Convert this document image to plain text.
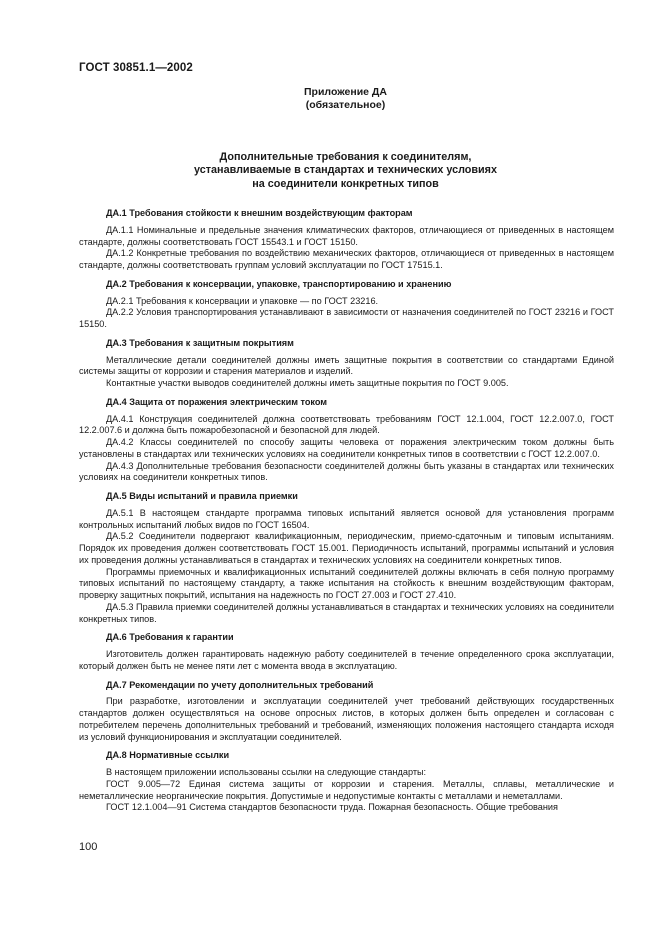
ГОСТ 30851.1—2002
Приложение ДА
(обязательное)
Дополнительные требования к соединителям,
устанавливаемые в стандартах и технических условиях
на соединители конкретных типов

ДА.1 Требования стойкости к внешним воздействующим факторам

ДА.1.1 Номинальные и предельные значения климатических факторов, отличающиеся от приведенных в настоящем стандарте, должны соответствовать ГОСТ 15543.1 и ГОСТ 15150.

ДА.1.2 Конкретные требования по воздействию механических факторов, отличающиеся от приведенных в настоящем стандарте, должны соответствовать группам условий эксплуатации по ГОСТ 17515.1.

ДА.2 Требования к консервации, упаковке, транспортированию и хранению

ДА.2.1 Требования к консервации и упаковке — по ГОСТ 23216.

ДА.2.2 Условия транспортирования устанавливают в зависимости от назначения соединителей по ГОСТ 23216 и ГОСТ 15150.

ДА.3 Требования к защитным покрытиям

Металлические детали соединителей должны иметь защитные покрытия в соответствии со стандартами Единой системы защиты от коррозии и старения материалов и изделий.

Контактные участки выводов соединителей должны иметь защитные покрытия по ГОСТ 9.005.

ДА.4 Защита от поражения электрическим током

ДА.4.1 Конструкция соединителей должна соответствовать требованиям ГОСТ 12.1.004, ГОСТ 12.2.007.0, ГОСТ 12.2.007.6 и должна быть пожаробезопасной и безопасной для людей.

ДА.4.2 Классы соединителей по способу защиты человека от поражения электрическим током должны быть установлены в стандартах или технических условиях на соединители конкретных типов в соответствии с ГОСТ 12.2.007.0.

ДА.4.3 Дополнительные требования безопасности соединителей должны быть указаны в стандартах или технических условиях на соединители конкретных типов.

ДА.5 Виды испытаний и правила приемки

ДА.5.1 В настоящем стандарте программа типовых испытаний является основой для установления программ контрольных испытаний любых видов по ГОСТ 16504.

ДА.5.2 Соединители подвергают квалификационным, периодическим, приемо-сдаточным и типовым испытаниям. Порядок их проведения должен соответствовать ГОСТ 15.001. Периодичность испытаний, программы испытаний и условия их проведения должны устанавливаться в стандартах и технических условиях на соединители конкретных типов.

Программы приемочных и квалификационных испытаний соединителей должны включать в себя полную программу типовых испытаний по настоящему стандарту, а также испытания на стойкость к внешним воздействующим факторам, проверку защитных покрытий, испытания на надежность по ГОСТ 27.003 и ГОСТ 27.410.

ДА.5.3 Правила приемки соединителей должны устанавливаться в стандартах и технических условиях на соединители конкретных типов.

ДА.6 Требования к гарантии

Изготовитель должен гарантировать надежную работу соединителей в течение определенного срока эксплуатации, который должен быть не менее пяти лет с момента ввода в эксплуатацию.

ДА.7 Рекомендации по учету дополнительных требований

При разработке, изготовлении и эксплуатации соединителей учет требований действующих государственных стандартов должен осуществляться на основе опросных листов, в которых должен быть определен и согласован с потребителем перечень дополнительных требований и требований, изменяющих положения настоящего стандарта исходя из условий функционирования и эксплуатации соединителей.

ДА.8 Нормативные ссылки

В настоящем приложении использованы ссылки на следующие стандарты:

ГОСТ 9.005—72 Единая система защиты от коррозии и старения. Металлы, сплавы, металлические и неметаллические неорганические покрытия. Допустимые и недопустимые контакты с металлами и неметаллами.

ГОСТ 12.1.004—91 Система стандартов безопасности труда. Пожарная безопасность. Общие требования

100
